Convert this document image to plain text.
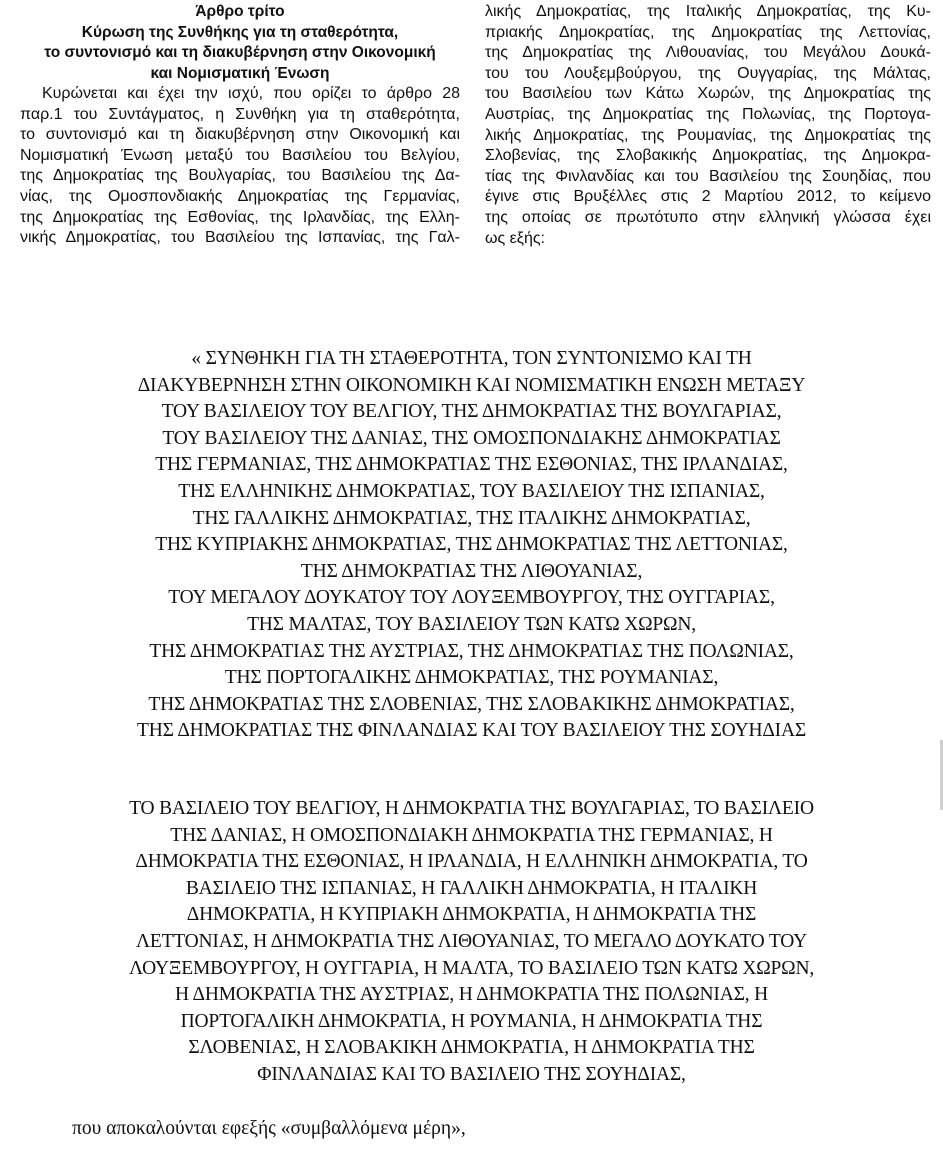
Άρθρο τρίτο
Κύρωση της Συνθήκης για τη σταθερότητα,
το συντονισμό και τη διακυβέρνηση στην Οικονομική
και Νομισματική Ένωση

Κυρώνεται και έχει την ισχύ, που ορίζει το άρθρο 28
παρ.1 του Συντάγματος, η Συνθήκη για τη σταθερότητα,
το συντονισμό και τη διακυβέρνηση στην Οικονομική και
Νομισματική Ένωση μεταξύ του Βασιλείου του Βελγίου,
της Δημοκρατίας της Βουλγαρίας, του Βασιλείου της Δα-
νίας, της Ομοσπονδιακής Δημοκρατίας της Γερμανίας,
της Δημοκρατίας της Εσθονίας, της Ιρλανδίας, της Ελλη-
νικής Δημοκρατίας, του Βασιλείου της Ισπανίας, της Γαλ-

λικής Δημοκρατίας, της Ιταλικής Δημοκρατίας, της Κυ-
πριακής Δημοκρατίας, της Δημοκρατίας της Λεττονίας,
της Δημοκρατίας της Λιθουανίας, του Μεγάλου Δουκά-
του του Λουξεμβούργου, της Ουγγαρίας, της Μάλτας,
του Βασιλείου των Κάτω Χωρών, της Δημοκρατίας της
Αυστρίας, της Δημοκρατίας της Πολωνίας, της Πορτογα-
λικής Δημοκρατίας, της Ρουμανίας, της Δημοκρατίας της
Σλοβενίας, της Σλοβακικής Δημοκρατίας, της Δημοκρα-
τίας της Φινλανδίας και του Βασιλείου της Σουηδίας, που
έγινε στις Βρυξέλλες στις 2 Μαρτίου 2012, το κείμενο
της οποίας σε πρωτότυπο στην ελληνική γλώσσα έχει
ως εξής:

« ΣΥΝΘΗΚΗ ΓΙΑ ΤΗ ΣΤΑΘΕΡΟΤΗΤΑ, ΤΟΝ ΣΥΝΤΟΝΙΣΜΟ ΚΑΙ ΤΗ
ΔΙΑΚΥΒΕΡΝΗΣΗ ΣΤΗΝ ΟΙΚΟΝΟΜΙΚΗ ΚΑΙ ΝΟΜΙΣΜΑΤΙΚΗ ΕΝΩΣΗ ΜΕΤΑΞΥ
ΤΟΥ ΒΑΣΙΛΕΙΟΥ ΤΟΥ ΒΕΛΓΙΟΥ, ΤΗΣ ΔΗΜΟΚΡΑΤΙΑΣ ΤΗΣ ΒΟΥΛΓΑΡΙΑΣ,
ΤΟΥ ΒΑΣΙΛΕΙΟΥ ΤΗΣ ΔΑΝΙΑΣ, ΤΗΣ ΟΜΟΣΠΟΝΔΙΑΚΗΣ ΔΗΜΟΚΡΑΤΙΑΣ
ΤΗΣ ΓΕΡΜΑΝΙΑΣ, ΤΗΣ ΔΗΜΟΚΡΑΤΙΑΣ ΤΗΣ ΕΣΘΟΝΙΑΣ, ΤΗΣ ΙΡΛΑΝΔΙΑΣ,
ΤΗΣ ΕΛΛΗΝΙΚΗΣ ΔΗΜΟΚΡΑΤΙΑΣ, ΤΟΥ ΒΑΣΙΛΕΙΟΥ ΤΗΣ ΙΣΠΑΝΙΑΣ,
ΤΗΣ ΓΑΛΛΙΚΗΣ ΔΗΜΟΚΡΑΤΙΑΣ, ΤΗΣ ΙΤΑΛΙΚΗΣ ΔΗΜΟΚΡΑΤΙΑΣ,
ΤΗΣ ΚΥΠΡΙΑΚΗΣ ΔΗΜΟΚΡΑΤΙΑΣ, ΤΗΣ ΔΗΜΟΚΡΑΤΙΑΣ ΤΗΣ ΛΕΤΤΟΝΙΑΣ,
ΤΗΣ ΔΗΜΟΚΡΑΤΙΑΣ ΤΗΣ ΛΙΘΟΥΑΝΙΑΣ,
ΤΟΥ ΜΕΓΑΛΟΥ ΔΟΥΚΑΤΟΥ ΤΟΥ ΛΟΥΞΕΜΒΟΥΡΓΟΥ, ΤΗΣ ΟΥΓΓΑΡΙΑΣ,
ΤΗΣ ΜΑΛΤΑΣ, ΤΟΥ ΒΑΣΙΛΕΙΟΥ ΤΩΝ ΚΑΤΩ ΧΩΡΩΝ,
ΤΗΣ ΔΗΜΟΚΡΑΤΙΑΣ ΤΗΣ ΑΥΣΤΡΙΑΣ, ΤΗΣ ΔΗΜΟΚΡΑΤΙΑΣ ΤΗΣ ΠΟΛΩΝΙΑΣ,
ΤΗΣ ΠΟΡΤΟΓΑΛΙΚΗΣ ΔΗΜΟΚΡΑΤΙΑΣ, ΤΗΣ ΡΟΥΜΑΝΙΑΣ,
ΤΗΣ ΔΗΜΟΚΡΑΤΙΑΣ ΤΗΣ ΣΛΟΒΕΝΙΑΣ, ΤΗΣ ΣΛΟΒΑΚΙΚΗΣ ΔΗΜΟΚΡΑΤΙΑΣ,
ΤΗΣ ΔΗΜΟΚΡΑΤΙΑΣ ΤΗΣ ΦΙΝΛΑΝΔΙΑΣ ΚΑΙ ΤΟΥ ΒΑΣΙΛΕΙΟΥ ΤΗΣ ΣΟΥΗΔΙΑΣ
ΤΟ ΒΑΣΙΛΕΙΟ ΤΟΥ ΒΕΛΓΙΟΥ, Η ΔΗΜΟΚΡΑΤΙΑ ΤΗΣ ΒΟΥΛΓΑΡΙΑΣ, ΤΟ ΒΑΣΙΛΕΙΟ
ΤΗΣ ΔΑΝΙΑΣ, Η ΟΜΟΣΠΟΝΔΙΑΚΗ ΔΗΜΟΚΡΑΤΙΑ ΤΗΣ ΓΕΡΜΑΝΙΑΣ, Η
ΔΗΜΟΚΡΑΤΙΑ ΤΗΣ ΕΣΘΟΝΙΑΣ, Η ΙΡΛΑΝΔΙΑ, Η ΕΛΛΗΝΙΚΗ ΔΗΜΟΚΡΑΤΙΑ, ΤΟ
ΒΑΣΙΛΕΙΟ ΤΗΣ ΙΣΠΑΝΙΑΣ, Η ΓΑΛΛΙΚΗ ΔΗΜΟΚΡΑΤΙΑ, Η ΙΤΑΛΙΚΗ
ΔΗΜΟΚΡΑΤΙΑ, Η ΚΥΠΡΙΑΚΗ ΔΗΜΟΚΡΑΤΙΑ, Η ΔΗΜΟΚΡΑΤΙΑ ΤΗΣ
ΛΕΤΤΟΝΙΑΣ, Η ΔΗΜΟΚΡΑΤΙΑ ΤΗΣ ΛΙΘΟΥΑΝΙΑΣ, ΤΟ ΜΕΓΑΛΟ ΔΟΥΚΑΤΟ ΤΟΥ
ΛΟΥΞΕΜΒΟΥΡΓΟΥ, Η ΟΥΓΓΑΡΙΑ, Η ΜΑΛΤΑ, ΤΟ ΒΑΣΙΛΕΙΟ ΤΩΝ ΚΑΤΩ ΧΩΡΩΝ,
Η ΔΗΜΟΚΡΑΤΙΑ ΤΗΣ ΑΥΣΤΡΙΑΣ, Η ΔΗΜΟΚΡΑΤΙΑ ΤΗΣ ΠΟΛΩΝΙΑΣ, Η
ΠΟΡΤΟΓΑΛΙΚΗ ΔΗΜΟΚΡΑΤΙΑ, Η ΡΟΥΜΑΝΙΑ, Η ΔΗΜΟΚΡΑΤΙΑ ΤΗΣ
ΣΛΟΒΕΝΙΑΣ, Η ΣΛΟΒΑΚΙΚΗ ΔΗΜΟΚΡΑΤΙΑ, Η ΔΗΜΟΚΡΑΤΙΑ ΤΗΣ
ΦΙΝΛΑΝΔΙΑΣ ΚΑΙ ΤΟ ΒΑΣΙΛΕΙΟ ΤΗΣ ΣΟΥΗΔΙΑΣ,
που αποκαλούνται εφεξής «συμβαλλόμενα μέρη»,
